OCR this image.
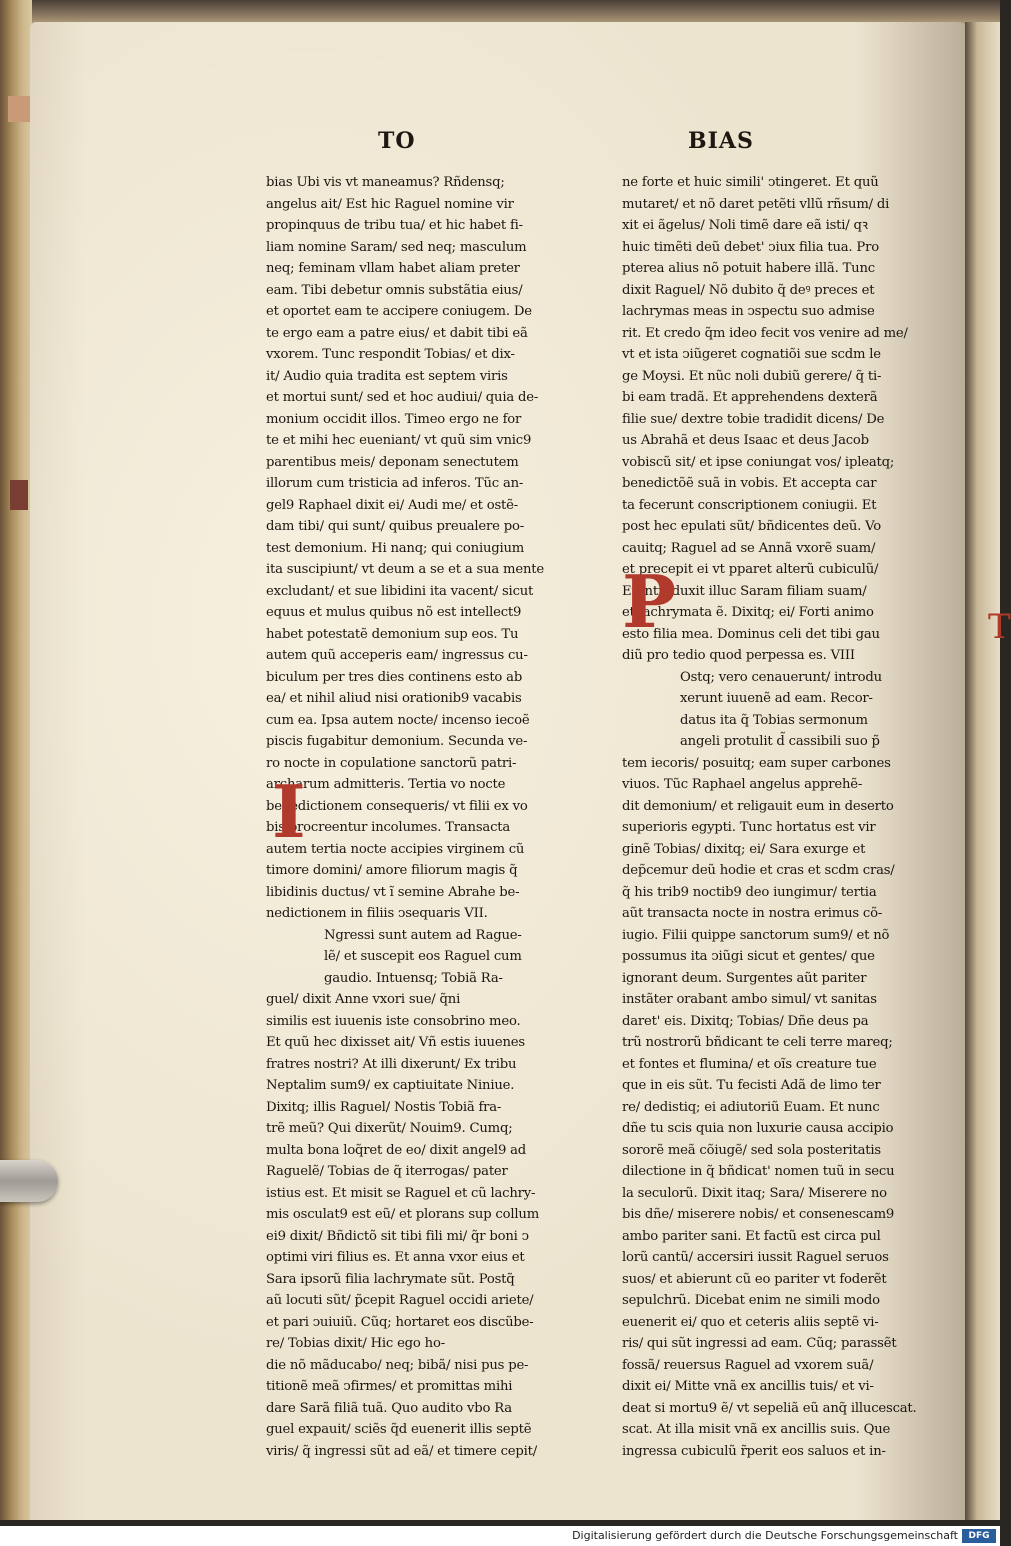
T
TO	BIAS
bias Ubi vis vt maneamus? Rñdensq;
angelus ait/ Est hic Raguel nomine vir
propinquus de tribu tua/ et hic habet fi-
liam nomine Saram/ sed neq; masculum
neq; feminam vllam habet aliam preter
eam. Tibi debetur omnis substãtia eius/
et oportet eam te accipere coniugem. De
te ergo eam a patre eius/ et dabit tibi eã
vxorem. Tunc respondit Tobias/ et dix-
it/ Audio quia tradita est septem viris
et mortui sunt/ sed et hoc audiui/ quia de-
monium occidit illos. Timeo ergo ne for
te et mihi hec eueniant/ vt quũ sim vnic9
parentibus meis/ deponam senectutem
illorum cum tristicia ad inferos. Tũc an-
gel9 Raphael dixit ei/ Audi me/ et ostẽ-
dam tibi/ qui sunt/ quibus preualere po-
test demonium. Hi nanq; qui coniugium
ita suscipiunt/ vt deum a se et a sua mente
excludant/ et sue libidini ita vacent/ sicut
equus et mulus quibus nõ est intellect9
habet potestatẽ demonium sup eos. Tu
autem quũ acceperis eam/ ingressus cu-
biculum per tres dies continens esto ab
ea/ et nihil aliud nisi orationib9 vacabis
cum ea. Ipsa autem nocte/ incenso iecoẽ
piscis fugabitur demonium. Secunda ve-
ro nocte in copulatione sanctorũ patri-
archarum admitteris. Tertia vo nocte
benedictionem consequeris/ vt filii ex vo
bis procreentur incolumes. Transacta
autem tertia nocte accipies virginem cũ
timore domini/ amore filiorum magis q̃
libidinis ductus/ vt ĩ semine Abrahe be-
nedictionem in filiis ↄsequaris VII.
Ngressi sunt autem ad Rague-
lẽ/ et suscepit eos Raguel cum
gaudio. Intuensq; Tobiã Ra-
guel/ dixit Anne vxori sue/ q̃ni
similis est iuuenis iste consobrino meo.
Et quũ hec dixisset ait/ Vñ estis iuuenes
fratres nostri? At illi dixerunt/ Ex tribu
Neptalim sum9/ ex captiuitate Niniue.
Dixitq; illis Raguel/ Nostis Tobiã fra-
trẽ meũ? Qui dixerũt/ Nouim9. Cumq;
multa bona loq̃ret de eo/ dixit angel9 ad
Raguelẽ/ Tobias de q̃ iterrogas/ pater
istius est. Et misit se Raguel et cũ lachry-
mis osculat9 est eũ/ et plorans sup collum
ei9 dixit/ Bñdictõ sit tibi fili mi/ q̃r boni ↄ
optimi viri filius es. Et anna vxor eius et
Sara ipsorũ filia lachrymate sũt. Postq̃
aũ locuti sũt/ p̃cepit Raguel occidi ariete/
et pari ↄuiuiũ. Cũq; hortaret eos discũbe-
re/ Tobias dixit/ Hic ego ho-
die nõ mãducabo/ neq; bibã/ nisi pus pe-
titionẽ meã ↄfirmes/ et promittas mihi
dare Sarã filiã tuã. Quo audito vbo Ra
guel expauit/ sciẽs q̃d euenerit illis septẽ
viris/ q̃ ingressi sũt ad eã/ et timere cepit/
ne forte et huic simili' ↄtingeret. Et quũ
mutaret/ et nõ daret petẽti vllũ rñsum/ di
xit ei ãgelus/ Noli timẽ dare eã isti/ qꝛ
huic timẽti deũ debet' ↄiux filia tua. Pro
pterea alius nõ potuit habere illã. Tunc
dixit Raguel/ Nõ dubito q̃ deꝰ preces et
lachrymas meas in ↄspectu suo admise
rit. Et credo q̃m ideo fecit vos venire ad me/
vt et ista ↄiũgeret cognatiõi sue scdm le
ge Moysi. Et nũc noli dubiũ gerere/ q̃ ti-
bi eam tradã. Et apprehendens dexterã
filie sue/ dextre tobie tradidit dicens/ De
us Abrahã et deus Isaac et deus Jacob
vobiscũ sit/ et ipse coniungat vos/ ipleatq;
benedictõẽ suã in vobis. Et accepta car
ta fecerunt conscriptionem coniugii. Et
post hec epulati sũt/ bñdicentes deũ. Vo
cauitq; Raguel ad se Annã vxorẽ suam/
et precepit ei vt pparet alterũ cubiculũ/
Et introduxit illuc Saram filiam suam/
et lachrymata ẽ. Dixitq; ei/ Forti animo
esto filia mea. Dominus celi det tibi gau
diũ pro tedio quod perpessa es. VIII
Ostq; vero cenauerunt/ introdu
xerunt iuuenẽ ad eam. Recor-
datus ita q̃ Tobias sermonum
angeli protulit d̃ cassibili suo p̃
tem iecoris/ posuitq; eam super carbones
viuos. Tũc Raphael angelus apprehẽ-
dit demonium/ et religauit eum in deserto
superioris egypti. Tunc hortatus est vir
ginẽ Tobias/ dixitq; ei/ Sara exurge et
dep̃cemur deũ hodie et cras et scdm cras/
q̃ his trib9 noctib9 deo iungimur/ tertia
aũt transacta nocte in nostra erimus cõ-
iugio. Filii quippe sanctorum sum9/ et nõ
possumus ita ↄiũgi sicut et gentes/ que
ignorant deum. Surgentes aũt pariter
instãter orabant ambo simul/ vt sanitas
daret' eis. Dixitq; Tobias/ Dñe deus pa
trũ nostrorũ bñdicant te celi terre mareq;
et fontes et flumina/ et oĩs creature tue
que in eis sũt. Tu fecisti Adã de limo ter
re/ dedistiq; ei adiutoriũ Euam. Et nunc
dñe tu scis quia non luxurie causa accipio
sororẽ meã cõiugẽ/ sed sola posteritatis
dilectione in q̃ bñdicat' nomen tuũ in secu
la seculorũ. Dixit itaq; Sara/ Miserere no
bis dñe/ miserere nobis/ et consenescam9
ambo pariter sani. Et factũ est circa pul
lorũ cantũ/ accersiri iussit Raguel seruos
suos/ et abierunt cũ eo pariter vt foderẽt
sepulchrũ. Dicebat enim ne simili modo
euenerit ei/ quo et ceteris aliis septẽ vi-
ris/ qui sũt ingressi ad eam. Cũq; parassẽt
fossã/ reuersus Raguel ad vxorem suã/
dixit ei/ Mitte vnã ex ancillis tuis/ et vi-
deat si mortu9 ẽ/ vt sepeliã eũ anq̃ illucescat.
scat. At illa misit vnã ex ancillis suis. Que
ingressa cubiculũ r̃perit eos saluos et in-
I
P
Digitalisierung gefördert durch die Deutsche Forschungsgemeinschaft	DFG
